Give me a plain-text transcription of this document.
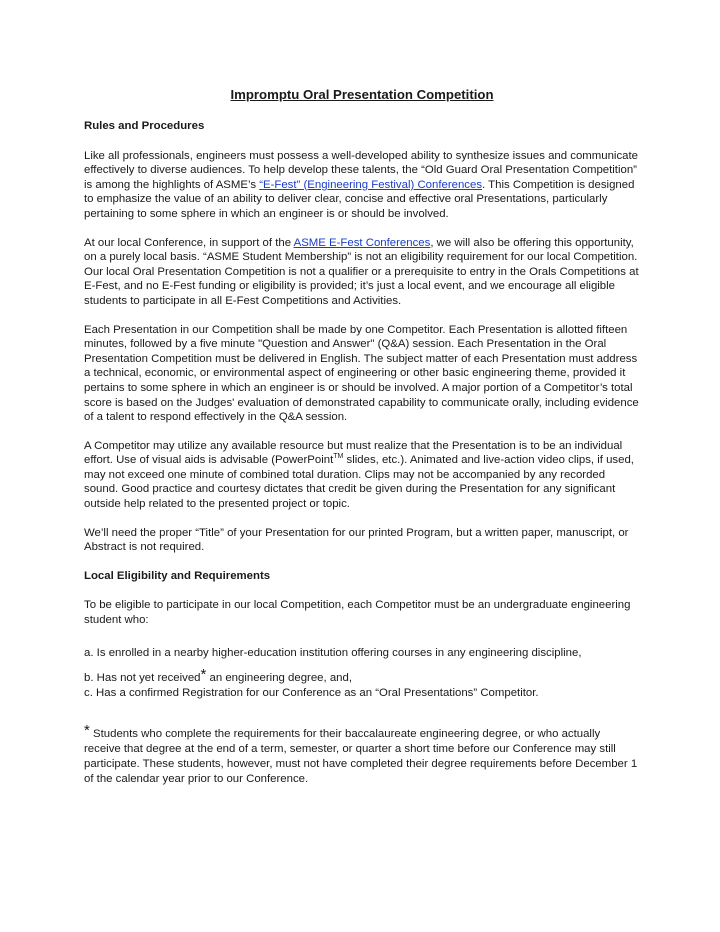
Impromptu Oral Presentation Competition
Rules and Procedures

Like all professionals, engineers must possess a well-developed ability to synthesize issues and communicate effectively to diverse audiences. To help develop these talents, the “Old Guard Oral Presentation Competition” is among the highlights of ASME’s “E-Fest” (Engineering Festival) Conferences. This Competition is designed to emphasize the value of an ability to deliver clear, concise and effective oral Presentations, particularly pertaining to some sphere in which an engineer is or should be involved.

At our local Conference, in support of the ASME E-Fest Conferences, we will also be offering this opportunity, on a purely local basis. “ASME Student Membership” is not an eligibility requirement for our local Competition. Our local Oral Presentation Competition is not a qualifier or a prerequisite to entry in the Orals Competitions at E-Fest, and no E-Fest funding or eligibility is provided; it’s just a local event, and we encourage all eligible students to participate in all E-Fest Competitions and Activities.

Each Presentation in our Competition shall be made by one Competitor. Each Presentation is allotted fifteen minutes, followed by a five minute "Question and Answer" (Q&A) session. Each Presentation in the Oral Presentation Competition must be delivered in English. The subject matter of each Presentation must address a technical, economic, or environmental aspect of engineering or other basic engineering theme, provided it pertains to some sphere in which an engineer is or should be involved. A major portion of a Competitor’s total score is based on the Judges' evaluation of demonstrated capability to communicate orally, including evidence of a talent to respond effectively in the Q&A session.

A Competitor may utilize any available resource but must realize that the Presentation is to be an individual effort. Use of visual aids is advisable (PowerPoint™ slides, etc.). Animated and live-action video clips, if used, may not exceed one minute of combined total duration. Clips may not be accompanied by any recorded sound. Good practice and courtesy dictates that credit be given during the Presentation for any significant outside help related to the presented project or topic.

We’ll need the proper “Title” of your Presentation for our printed Program, but a written paper, manuscript, or Abstract is not required.

Local Eligibility and Requirements

To be eligible to participate in our local Competition, each Competitor must be an undergraduate engineering student who:

a. Is enrolled in a nearby higher-education institution offering courses in any engineering discipline,
b. Has not yet received* an engineering degree, and,
c. Has a confirmed Registration for our Conference as an “Oral Presentations” Competitor.
* Students who complete the requirements for their baccalaureate engineering degree, or who actually receive that degree at the end of a term, semester, or quarter a short time before our Conference may still participate. These students, however, must not have completed their degree requirements before December 1 of the calendar year prior to our Conference.
